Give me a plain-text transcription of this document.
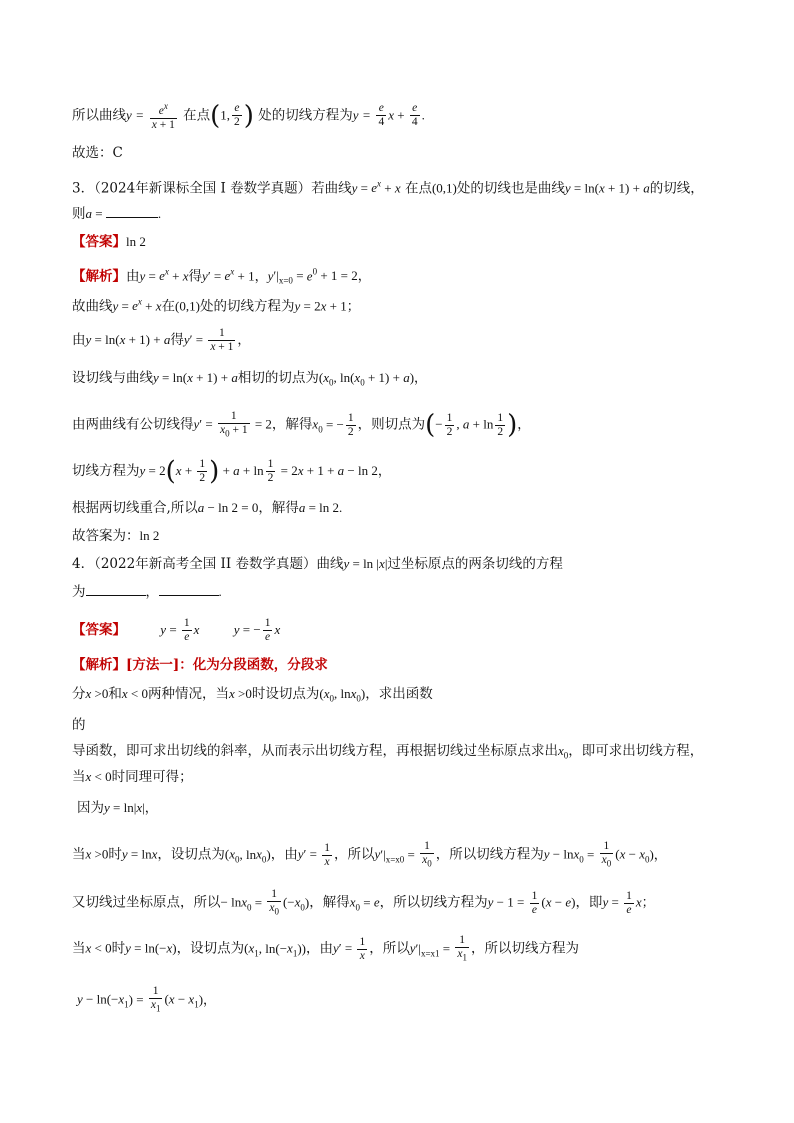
所以曲线$y = \frac{e^x}{x + 1}$ 在点(1, $\frac{e}{2}$ ) 处的切线方程为$y = \frac{e}{4}$ $x + \frac{e}{4}$ .
故选：C
3．（2024年新课标全国 I 卷数学真题）若曲线$y = e^x + x$ 在点(0,1)处的切线也是曲线y = ln(x + 1) + a的切线，
则a =	.
【答案】ln 2
【解析】由$y = e^x + x$得$y' = e^x + 1$，$y'|_{x=0} = e^0 + 1 = 2$，
故曲线$y = e^x + x$在(0,1)处的切线方程为y = 2x + 1；
由y = ln(x + 1) + a得$y' = \frac{1}{x + 1}$ ，
设切线与曲线y = ln(x + 1) + a相切的切点为($x_0$, $\ln(x_0 + 1) + a$)，
由两曲线有公切线得$y' = \frac{1}{x_0 + 1} = 2$，解得$x_0$ = − $\frac{1}{2}$ ，则切点为(− $\frac{1}{2}$ , $a + \ln \frac{1}{2}$ )，
切线方程为$y = 2(x + \frac{1}{2}$ ) + $a + \ln \frac{1}{2} = 2x + 1 + a - \ln 2$，
根据两切线重合,所以a − ln 2 = 0，解得a = ln 2.
故答案为：ln 2
4．（2022年新高考全国 II 卷数学真题）曲线y = ln |x|过坐标原点的两条切线的方程
为	，	.
【答案】	$y = \frac{1}{e}$ x	y = − $\frac{1}{e}$ x
【解析】[方法一]：化为分段函数，分段求
分x >0和x < 0两种情况，当x >0时设切点为($x_0$, lnx$_0$)，求出函数
的
导函数，即可求出切线的斜率，从而表示出切线方程，再根据切线过坐标原点求出$x_0$，即可求出切线方程，
当x < 0时同理可得；
因为y = ln|x|，
当x >0时y = lnx，设切点为($x_0$, lnx$_0$)，由$y' = \frac{1}{x}$ ，所以$y'|_{x=x0} = \frac{1}{x_0}$ ，所以切线方程为$y - \ln x_0 = \frac{1}{x_0} (x - x_0)$，
又切线过坐标原点，所以− $\ln x_0 = \frac{1}{x_0} (-x_0)$，解得$x_0 = e$，所以切线方程为$y - 1 = \frac{1}{e} (x - e)$，即$y = \frac{1}{e}$ x；
当x < 0时y = ln(−x)，设切点为($x_1$, $\ln(-x_1)$)，由$y' = \frac{1}{x}$ ，所以$y'|_{x=x1} = \frac{1}{x_1}$ ，所以切线方程为
$y - \ln(-x_1) = \frac{1}{x_1} (x - x_1)$，
